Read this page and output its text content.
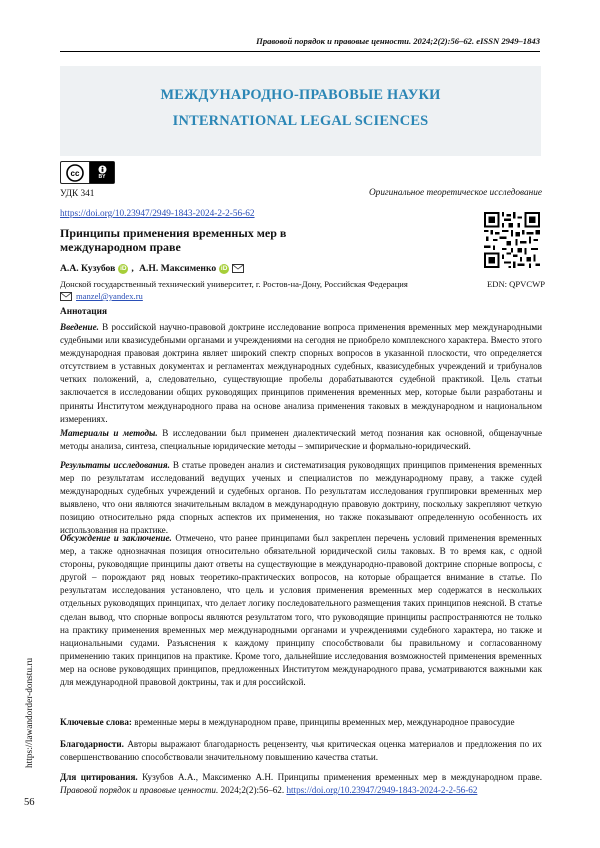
Правовой порядок и правовые ценности. 2024;2(2):56–62. eISSN 2949–1843
МЕЖДУНАРОДНО-ПРАВОВЫЕ НАУКИ
INTERNATIONAL LEGAL SCIENCES
cc	BY
УДК 341	Оригинальное теоретическое исследование
https://doi.org/10.23947/2949-1843-2024-2-2-56-62
Принципы применения временных мер в международном праве
EDN: QPVCWP
А.А. Кузубов iD , А.Н. Максименко iD
Донской государственный технический университет, г. Ростов-на-Дону, Российская Федерация
manzel@yandex.ru
Аннотация
Введение. В российской научно-правовой доктрине исследование вопроса применения временных мер международными судебными или квазисудебными органами и учреждениями на сегодня не приобрело комплексного характера. Вместо этого международная правовая доктрина являет широкий спектр спорных вопросов в указанной плоскости, что определяется отсутствием в уставных документах и регламентах международных судебных, квазисудебных учреждений и трибуналов четких положений, а, следовательно, существующие пробелы дорабатываются судебной практикой. Цель статьи заключается в исследовании общих руководящих принципов применения временных мер, которые были разработаны и приняты Институтом международного права на основе анализа применения таковых в международном и национальном измерениях.
Материалы и методы. В исследовании был применен диалектический метод познания как основной, общенаучные методы анализа, синтеза, специальные юридические методы – эмпирические и формально-юридический.
Результаты исследования. В статье проведен анализ и систематизация руководящих принципов применения временных мер по результатам исследований ведущих ученых и специалистов по международному праву, а также судей международных судебных учреждений и судебных органов. По результатам исследования группировки временных мер выявлено, что они являются значительным вкладом в международную правовую доктрину, поскольку закрепляют четкую позицию относительно ряда спорных аспектов их применения, но также показывают определенную особенность их использования на практике.
Обсуждение и заключение. Отмечено, что ранее принципами был закреплен перечень условий применения временных мер, а также однозначная позиция относительно обязательной юридической силы таковых. В то время как, с одной стороны, руководящие принципы дают ответы на существующие в международно-правовой доктрине спорные вопросы, с другой – порождают ряд новых теоретико-практических вопросов, на которые обращается внимание в статье. По результатам исследования установлено, что цель и условия применения временных мер содержатся в нескольких отдельных руководящих принципах, что делает логику последовательного размещения таких принципов неясной. В статье сделан вывод, что спорные вопросы являются результатом того, что руководящие принципы распространяются не только на практику применения временных мер международными органами и учреждениями судебного характера, но также и национальными судами. Разъяснения к каждому принципу способствовали бы правильному и согласованному применению таких принципов на практике. Кроме того, дальнейшие исследования возможностей применения временных мер на основе руководящих принципов, предложенных Институтом международного права, усматриваются важными как для международной правовой доктрины, так и для российской.
Ключевые слова: временные меры в международном праве, принципы временных мер, международное правосудие
Благодарности. Авторы выражают благодарность рецензенту, чья критическая оценка материалов и предложения по их совершенствованию способствовали значительному повышению качества статьи.
Для цитирования. Кузубов А.А., Максименко А.Н. Принципы применения временных мер в международном праве. Правовой порядок и правовые ценности. 2024;2(2):56–62. https://doi.org/10.23947/2949-1843-2024-2-2-56-62
https://lawandorder-donstu.ru
56
